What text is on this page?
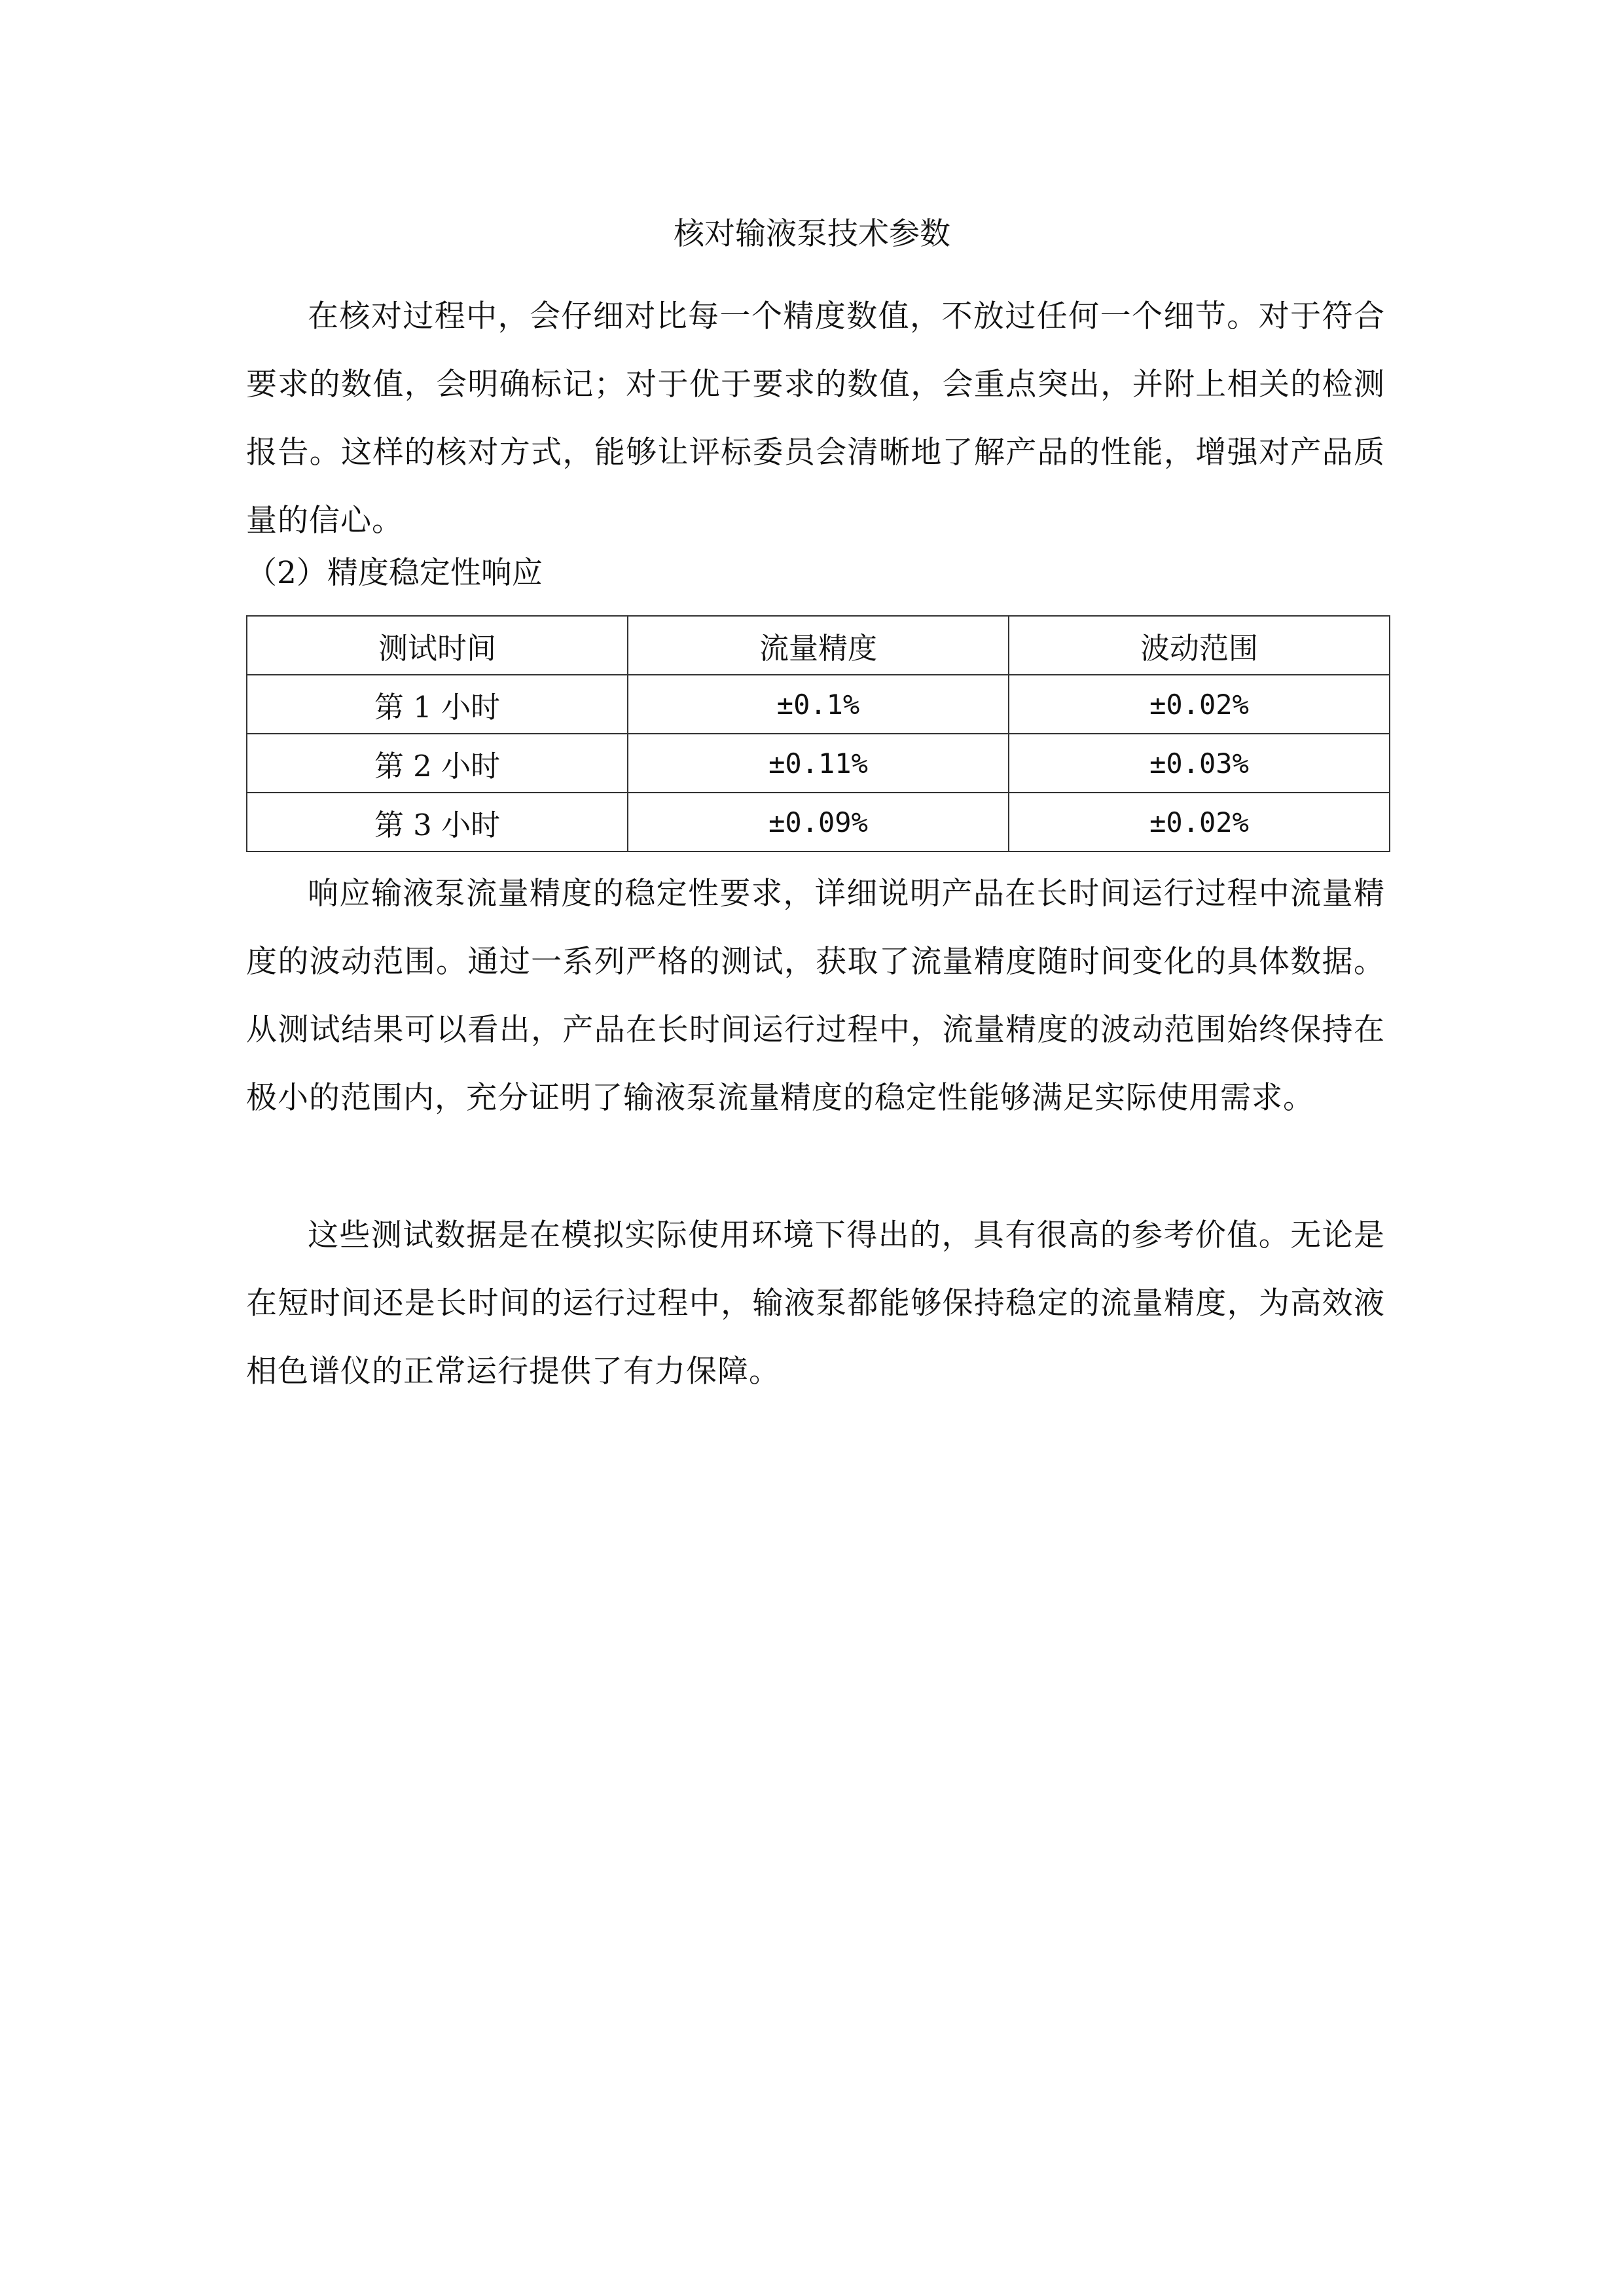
核对输液泵技术参数

在核对过程中，会仔细对比每一个精度数值，不放过任何一个细节。对于符合要求的数值，会明确标记；对于优于要求的数值，会重点突出，并附上相关的检测报告。这样的核对方式，能够让评标委员会清晰地了解产品的性能，增强对产品质量的信心。

（2）精度稳定性响应
测试时间	流量精度	波动范围
第 1 小时	±0.1%	±0.02%
第 2 小时	±0.11%	±0.03%
第 3 小时	±0.09%	±0.02%

响应输液泵流量精度的稳定性要求，详细说明产品在长时间运行过程中流量精度的波动范围。通过一系列严格的测试，获取了流量精度随时间变化的具体数据。从测试结果可以看出，产品在长时间运行过程中，流量精度的波动范围始终保持在极小的范围内，充分证明了输液泵流量精度的稳定性能够满足实际使用需求。

这些测试数据是在模拟实际使用环境下得出的，具有很高的参考价值。无论是在短时间还是长时间的运行过程中，输液泵都能够保持稳定的流量精度，为高效液相色谱仪的正常运行提供了有力保障。
